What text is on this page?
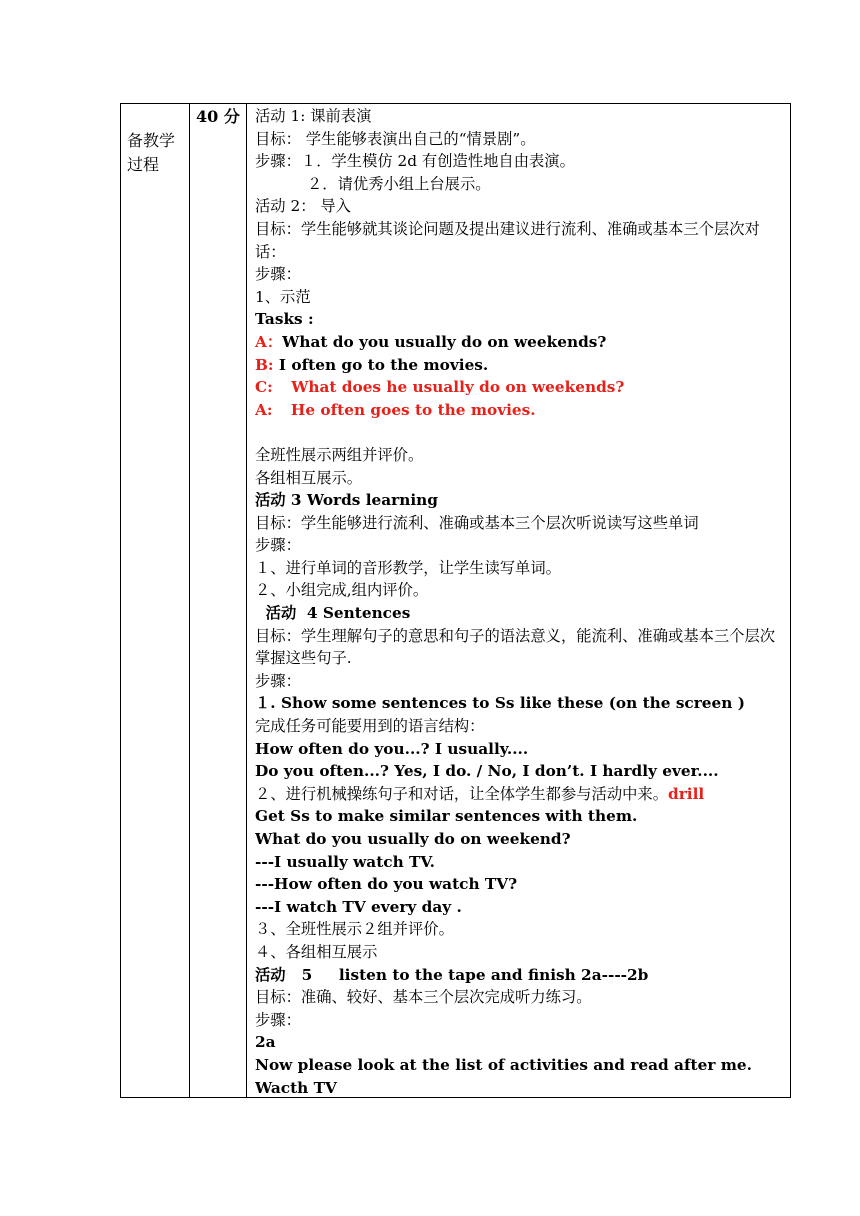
备教学过程

40 分	活动 1: 课前表演
目标： 学生能够表演出自己的“情景剧”。
步骤：１．学生模仿 2d 有创造性地自由表演。
２．请优秀小组上台展示。
活动 2： 导入
目标：学生能够就其谈论问题及提出建议进行流利、准确或基本三个层次对话：
步骤：
1、示范
Tasks :
A：What do you usually do on weekends?
B: I often go to the movies.
C: What does he usually do on weekends?
A: He often goes to the movies.
全班性展示两组并评价。
各组相互展示。
活动 3 Words learning
目标：学生能够进行流利、准确或基本三个层次听说读写这些单词
步骤：
１、进行单词的音形教学，让学生读写单词。
２、小组完成,组内评价。
活动  4 Sentences
目标：学生理解句子的意思和句子的语法意义，能流利、准确或基本三个层次掌握这些句子.
步骤：
１. Show some sentences to Ss like these (on the screen )
完成任务可能要用到的语言结构：
How often do you...? I usually....
Do you often...? Yes, I do. / No, I don’t. I hardly ever....
２、进行机械操练句子和对话，让全体学生都参与活动中来。drill
Get Ss to make similar sentences with them.
What do you usually do on weekend?
---I usually watch TV.
---How often do you watch TV?
---I watch TV every day .
３、全班性展示２组并评价。
４、各组相互展示
活动   5     listen to the tape and finish 2a----2b
目标：准确、较好、基本三个层次完成听力练习。
步骤：
2a
Now please look at the list of activities and read after me.
Wacth TV
